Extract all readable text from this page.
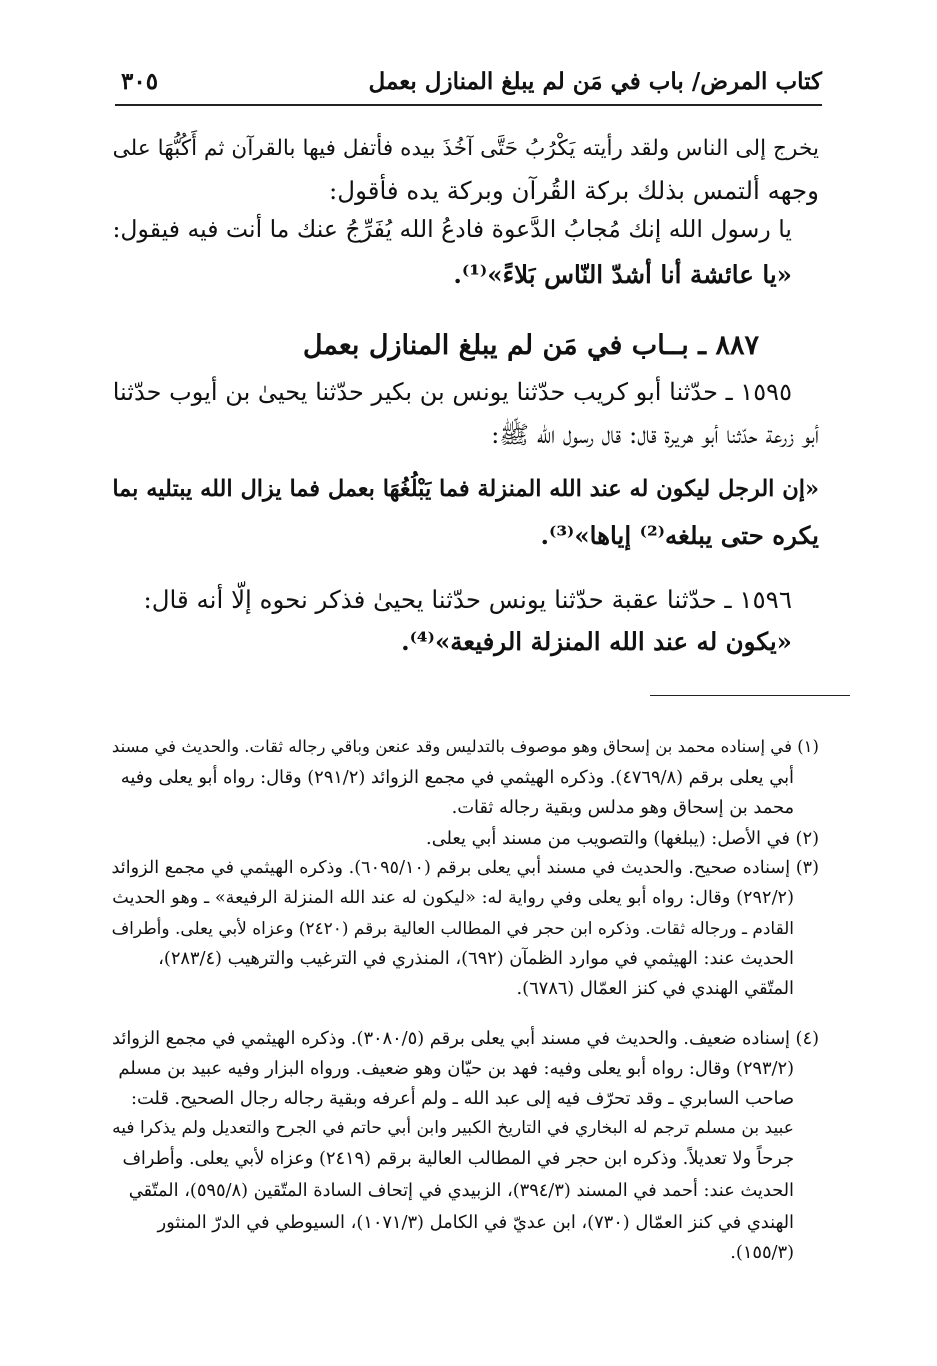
كتاب المرض/ باب في مَن لم يبلغ المنازل بعمل
٣٠٥
يخرج إلى الناس ولقد رأيته يَكْرُبُ حَتَّى آخُذَ بيده فأتفل فيها بالقرآن ثم أَكُبُّهَا على
وجهه ألتمس بذلك بركة القُرآن وبركة يده فأقول:
يا رسول الله إنك مُجابُ الدَّعوة فادعُ الله يُفَرِّجُ عنك ما أنت فيه فيقول:
«يا عائشة أنا أشدّ النّاس بَلاءً»⁽¹⁾.
٨٨٧ ـ بــاب في مَن لم يبلغ المنازل بعمل
١٥٩٥ ـ حدّثنا أبو كريب حدّثنا يونس بن بكير حدّثنا يحيىٰ بن أيوب حدّثنا
أبو زرعة حدّثنا أبو هريرة قال: قال رسول الله ﷺ:
«إن الرجل ليكون له عند الله المنزلة فما يَبْلُغُهَا بعمل فما يزال الله يبتليه بما
يكره حتى يبلغه⁽²⁾ إياها»⁽³⁾.
١٥٩٦ ـ حدّثنا عقبة حدّثنا يونس حدّثنا يحيىٰ فذكر نحوه إلّا أنه قال:
«يكون له عند الله المنزلة الرفيعة»⁽⁴⁾.
(١) في إسناده محمد بن إسحاق وهو موصوف بالتدليس وقد عنعن وباقي رجاله ثقات. والحديث في مسند
أبي يعلى برقم (٤٧٦٩/٨). وذكره الهيثمي في مجمع الزوائد (٢٩١/٢) وقال: رواه أبو يعلى وفيه
محمد بن إسحاق وهو مدلس وبقية رجاله ثقات.
(٢) في الأصل: (يبلغها) والتصويب من مسند أبي يعلى.
(٣) إسناده صحيح. والحديث في مسند أبي يعلى برقم (٦٠٩٥/١٠). وذكره الهيثمي في مجمع الزوائد
(٢٩٢/٢) وقال: رواه أبو يعلى وفي رواية له: «ليكون له عند الله المنزلة الرفيعة» ـ وهو الحديث
القادم ـ ورجاله ثقات. وذكره ابن حجر في المطالب العالية برقم (٢٤٢٠) وعزاه لأبي يعلى. وأطراف
الحديث عند: الهيثمي في موارد الظمآن (٦٩٢)، المنذري في الترغيب والترهيب (٢٨٣/٤)،
المتّقي الهندي في كنز العمّال (٦٧٨٦).
(٤) إسناده ضعيف. والحديث في مسند أبي يعلى برقم (٣٠٨٠/٥). وذكره الهيثمي في مجمع الزوائد
(٢٩٣/٢) وقال: رواه أبو يعلى وفيه: فهد بن حيّان وهو ضعيف. ورواه البزار وفيه عبيد بن مسلم
صاحب السابري ـ وقد تحرّف فيه إلى عبد الله ـ ولم أعرفه وبقية رجاله رجال الصحيح. قلت:
عبيد بن مسلم ترجم له البخاري في التاريخ الكبير وابن أبي حاتم في الجرح والتعديل ولم يذكرا فيه
جرحاً ولا تعديلاً. وذكره ابن حجر في المطالب العالية برقم (٢٤١٩) وعزاه لأبي يعلى. وأطراف
الحديث عند: أحمد في المسند (٣٩٤/٣)، الزبيدي في إتحاف السادة المتّقين (٥٩٥/٨)، المتّقي
الهندي في كنز العمّال (٧٣٠)، ابن عديّ في الكامل (١٠٧١/٣)، السيوطي في الدرّ المنثور
(١٥٥/٣).
